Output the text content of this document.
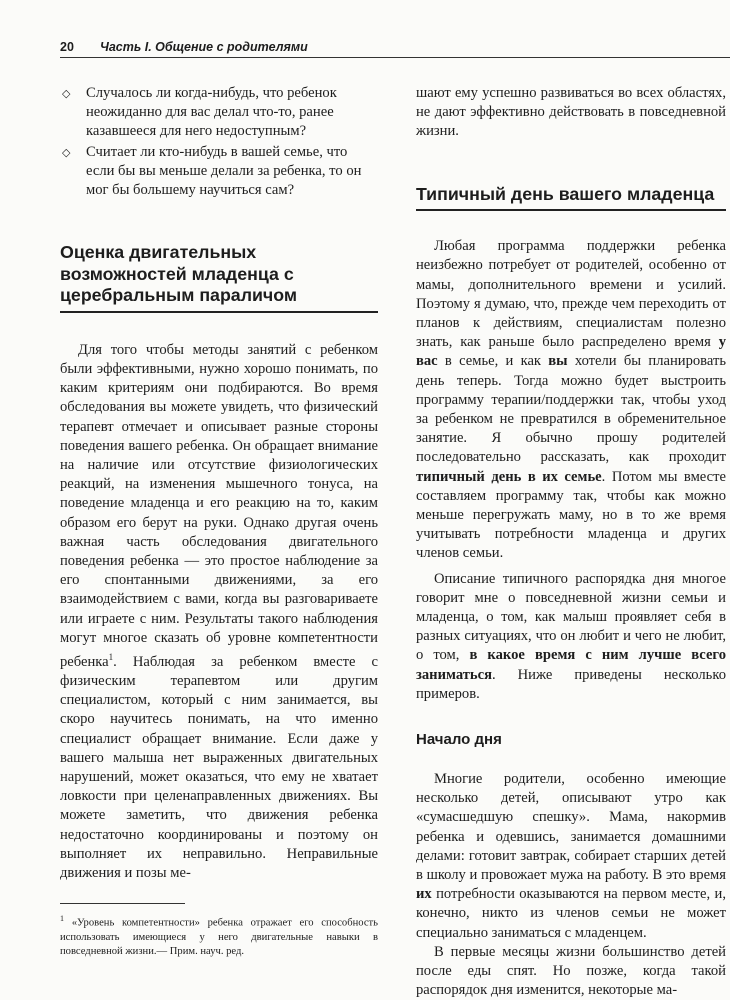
20 Часть I. Общение с родителями
◇ Случалось ли когда-нибудь, что ребенок неожиданно для вас делал что-то, ранее казавшееся для него недоступным?
◇ Считает ли кто-нибудь в вашей семье, что если бы вы меньше делали за ребенка, то он мог бы большему научиться сам?
Оценка двигательных возможностей младенца с церебральным параличом

Для того чтобы методы занятий с ребенком были эффективными, нужно хорошо понимать, по каким критериям они подбираются. Во время обследования вы можете увидеть, что физический терапевт отмечает и описывает разные стороны поведения вашего ребенка. Он обращает внимание на наличие или отсутствие физиологических реакций, на изменения мышечного тонуса, на поведение младенца и его реакцию на то, каким образом его берут на руки. Однако другая очень важная часть обследования двигательного поведения ребенка — это простое наблюдение за его спонтанными движениями, за его взаимодействием с вами, когда вы разговариваете или играете с ним. Результаты такого наблюдения могут многое сказать об уровне компетентности ребенка$^1$. Наблюдая за ребенком вместе с физическим терапевтом или другим специалистом, который с ним занимается, вы скоро научитесь понимать, на что именно специалист обращает внимание. Если даже у вашего малыша нет выраженных двигательных нарушений, может оказаться, что ему не хватает ловкости при целенаправленных движениях. Вы можете заметить, что движения ребенка недостаточно координированы и поэтому он выполняет их неправильно. Неправильные движения и позы ме-

$^1$ «Уровень компетентности» ребенка отражает его способность использовать имеющиеся у него двигательные навыки в повседневной жизни.— Прим. науч. ред.

шают ему успешно развиваться во всех областях, не дают эффективно действовать в повседневной жизни.

Типичный день вашего младенца

Любая программа поддержки ребенка неизбежно потребует от родителей, особенно от мамы, дополнительного времени и усилий. Поэтому я думаю, что, прежде чем переходить от планов к действиям, специалистам полезно знать, как раньше было распределено время у вас в семье, и как вы хотели бы планировать день теперь. Тогда можно будет выстроить программу терапии/поддержки так, чтобы уход за ребенком не превратился в обременительное занятие. Я обычно прошу родителей последовательно рассказать, как проходит типичный день в их семье. Потом мы вместе составляем программу так, чтобы как можно меньше перегружать маму, но в то же время учитывать потребности младенца и других членов семьи.

Описание типичного распорядка дня многое говорит мне о повседневной жизни семьи и младенца, о том, как малыш проявляет себя в разных ситуациях, что он любит и чего не любит, о том, в какое время с ним лучше всего заниматься. Ниже приведены несколько примеров.

Начало дня

Многие родители, особенно имеющие несколько детей, описывают утро как «сумасшедшую спешку». Мама, накормив ребенка и одевшись, занимается домашними делами: готовит завтрак, собирает старших детей в школу и провожает мужа на работу. В это время их потребности оказываются на первом месте, и, конечно, никто из членов семьи не может специально заниматься с младенцем.

В первые месяцы жизни большинство детей после еды спят. Но позже, когда такой распорядок дня изменится, некоторые ма-
